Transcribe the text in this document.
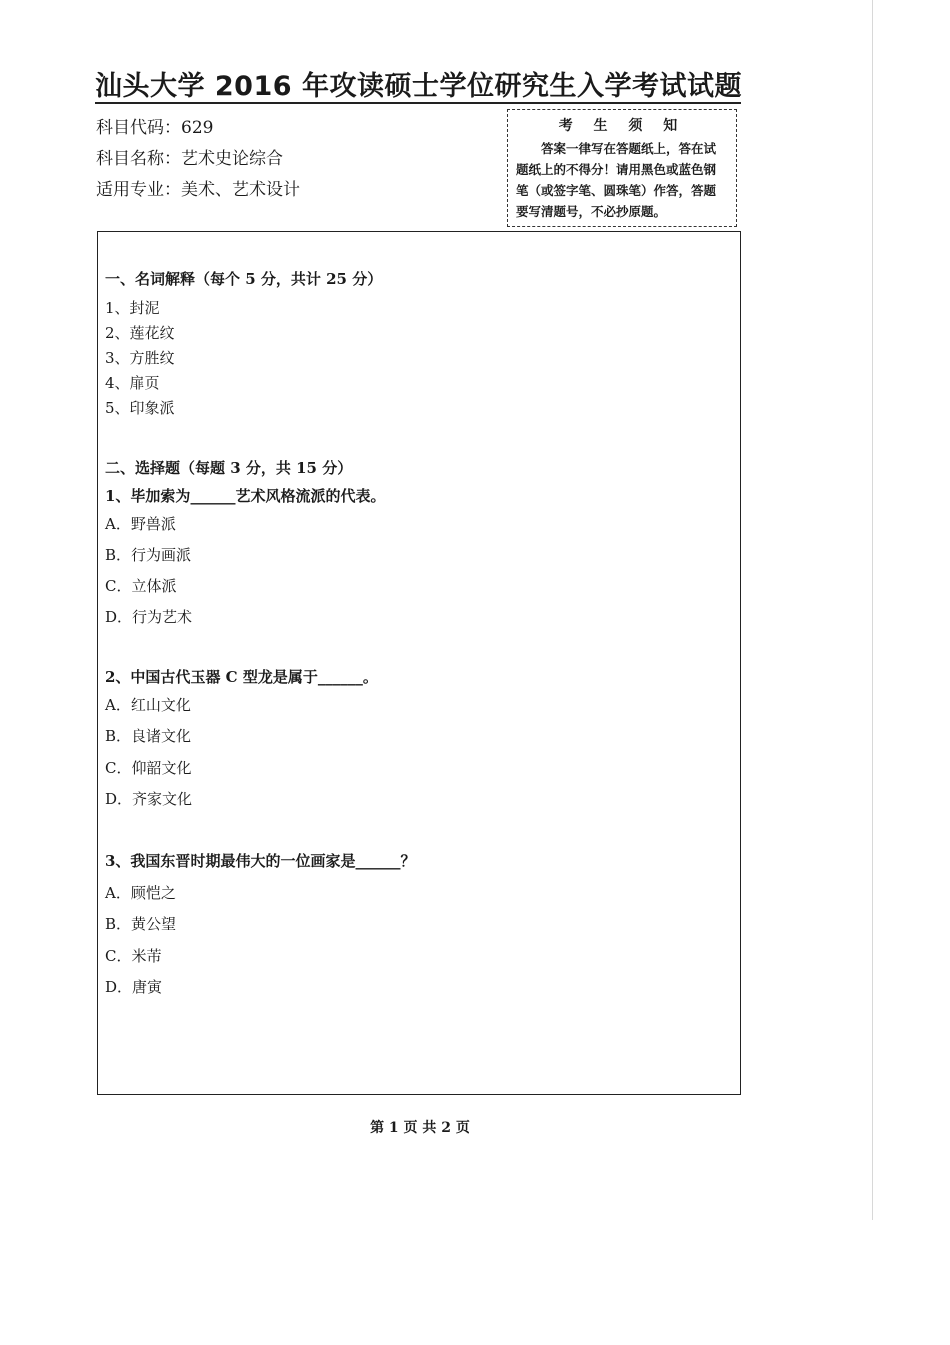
汕头大学 2016 年攻读硕士学位研究生入学考试试题
科目代码：629
科目名称：艺术史论综合
适用专业：美术、艺术设计
考 生 须 知
答案一律写在答题纸上，答在试题纸上的不得分！请用黑色或蓝色钢笔（或签字笔、圆珠笔）作答，答题要写清题号，不必抄原题。
一、名词解释（每个 5 分，共计 25 分）
1、封泥
2、莲花纹
3、方胜纹
4、扉页
5、印象派
二、选择题（每题 3 分，共 15 分）
1、毕加索为______艺术风格流派的代表。
A．野兽派
B．行为画派
C．立体派
D．行为艺术
2、中国古代玉器 C 型龙是属于______。
A．红山文化
B．良诸文化
C．仰韶文化
D．齐家文化
3、我国东晋时期最伟大的一位画家是______？
A．顾恺之
B．黄公望
C．米芾
D．唐寅
第 1 页 共 2 页
